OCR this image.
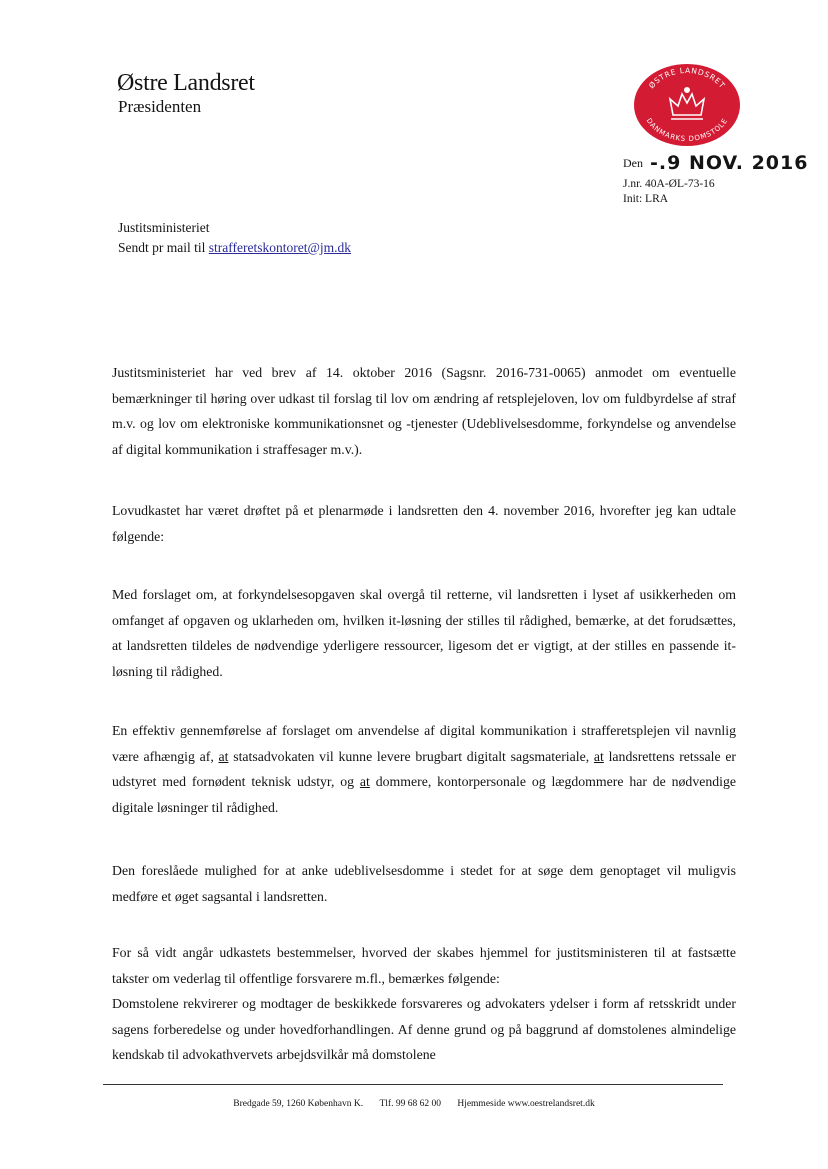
Østre Landsret
Præsidenten
ØSTRE LANDSRET
DANMARKS DOMSTOLE
Den -.9 NOV. 2016
J.nr. 40A-ØL-73-16
Init: LRA
Justitsministeriet
Sendt pr mail til strafferetskontoret@jm.dk

Justitsministeriet har ved brev af 14. oktober 2016 (Sagsnr. 2016-731-0065) anmodet om eventuelle bemærkninger til høring over udkast til forslag til lov om ændring af retsplejeloven, lov om fuldbyrdelse af straf m.v. og lov om elektroniske kommunikationsnet og -tjenester (Udeblivelsesdomme, forkyndelse og anvendelse af digital kommunikation i straffesager m.v.).

Lovudkastet har været drøftet på et plenarmøde i landsretten den 4. november 2016, hvorefter jeg kan udtale følgende:

Med forslaget om, at forkyndelsesopgaven skal overgå til retterne, vil landsretten i lyset af usikkerheden om omfanget af opgaven og uklarheden om, hvilken it-løsning der stilles til rådighed, bemærke, at det forudsættes, at landsretten tildeles de nødvendige yderligere ressourcer, ligesom det er vigtigt, at der stilles en passende it-løsning til rådighed.

En effektiv gennemførelse af forslaget om anvendelse af digital kommunikation i strafferetsplejen vil navnlig være afhængig af, at statsadvokaten vil kunne levere brugbart digitalt sagsmateriale, at landsrettens retssale er udstyret med fornødent teknisk udstyr, og at dommere, kontorpersonale og lægdommere har de nødvendige digitale løsninger til rådighed.

Den foreslåede mulighed for at anke udeblivelsesdomme i stedet for at søge dem genoptaget vil muligvis medføre et øget sagsantal i landsretten.

For så vidt angår udkastets bestemmelser, hvorved der skabes hjemmel for justitsministeren til at fastsætte takster om vederlag til offentlige forsvarere m.fl., bemærkes følgende:

Domstolene rekvirerer og modtager de beskikkede forsvareres og advokaters ydelser i form af retsskridt under sagens forberedelse og under hovedforhandlingen. Af denne grund og på baggrund af domstolenes almindelige kendskab til advokathvervets arbejdsvilkår må domstolene

Bredgade 59, 1260 København K. Tlf. 99 68 62 00 Hjemmeside www.oestrelandsret.dk
